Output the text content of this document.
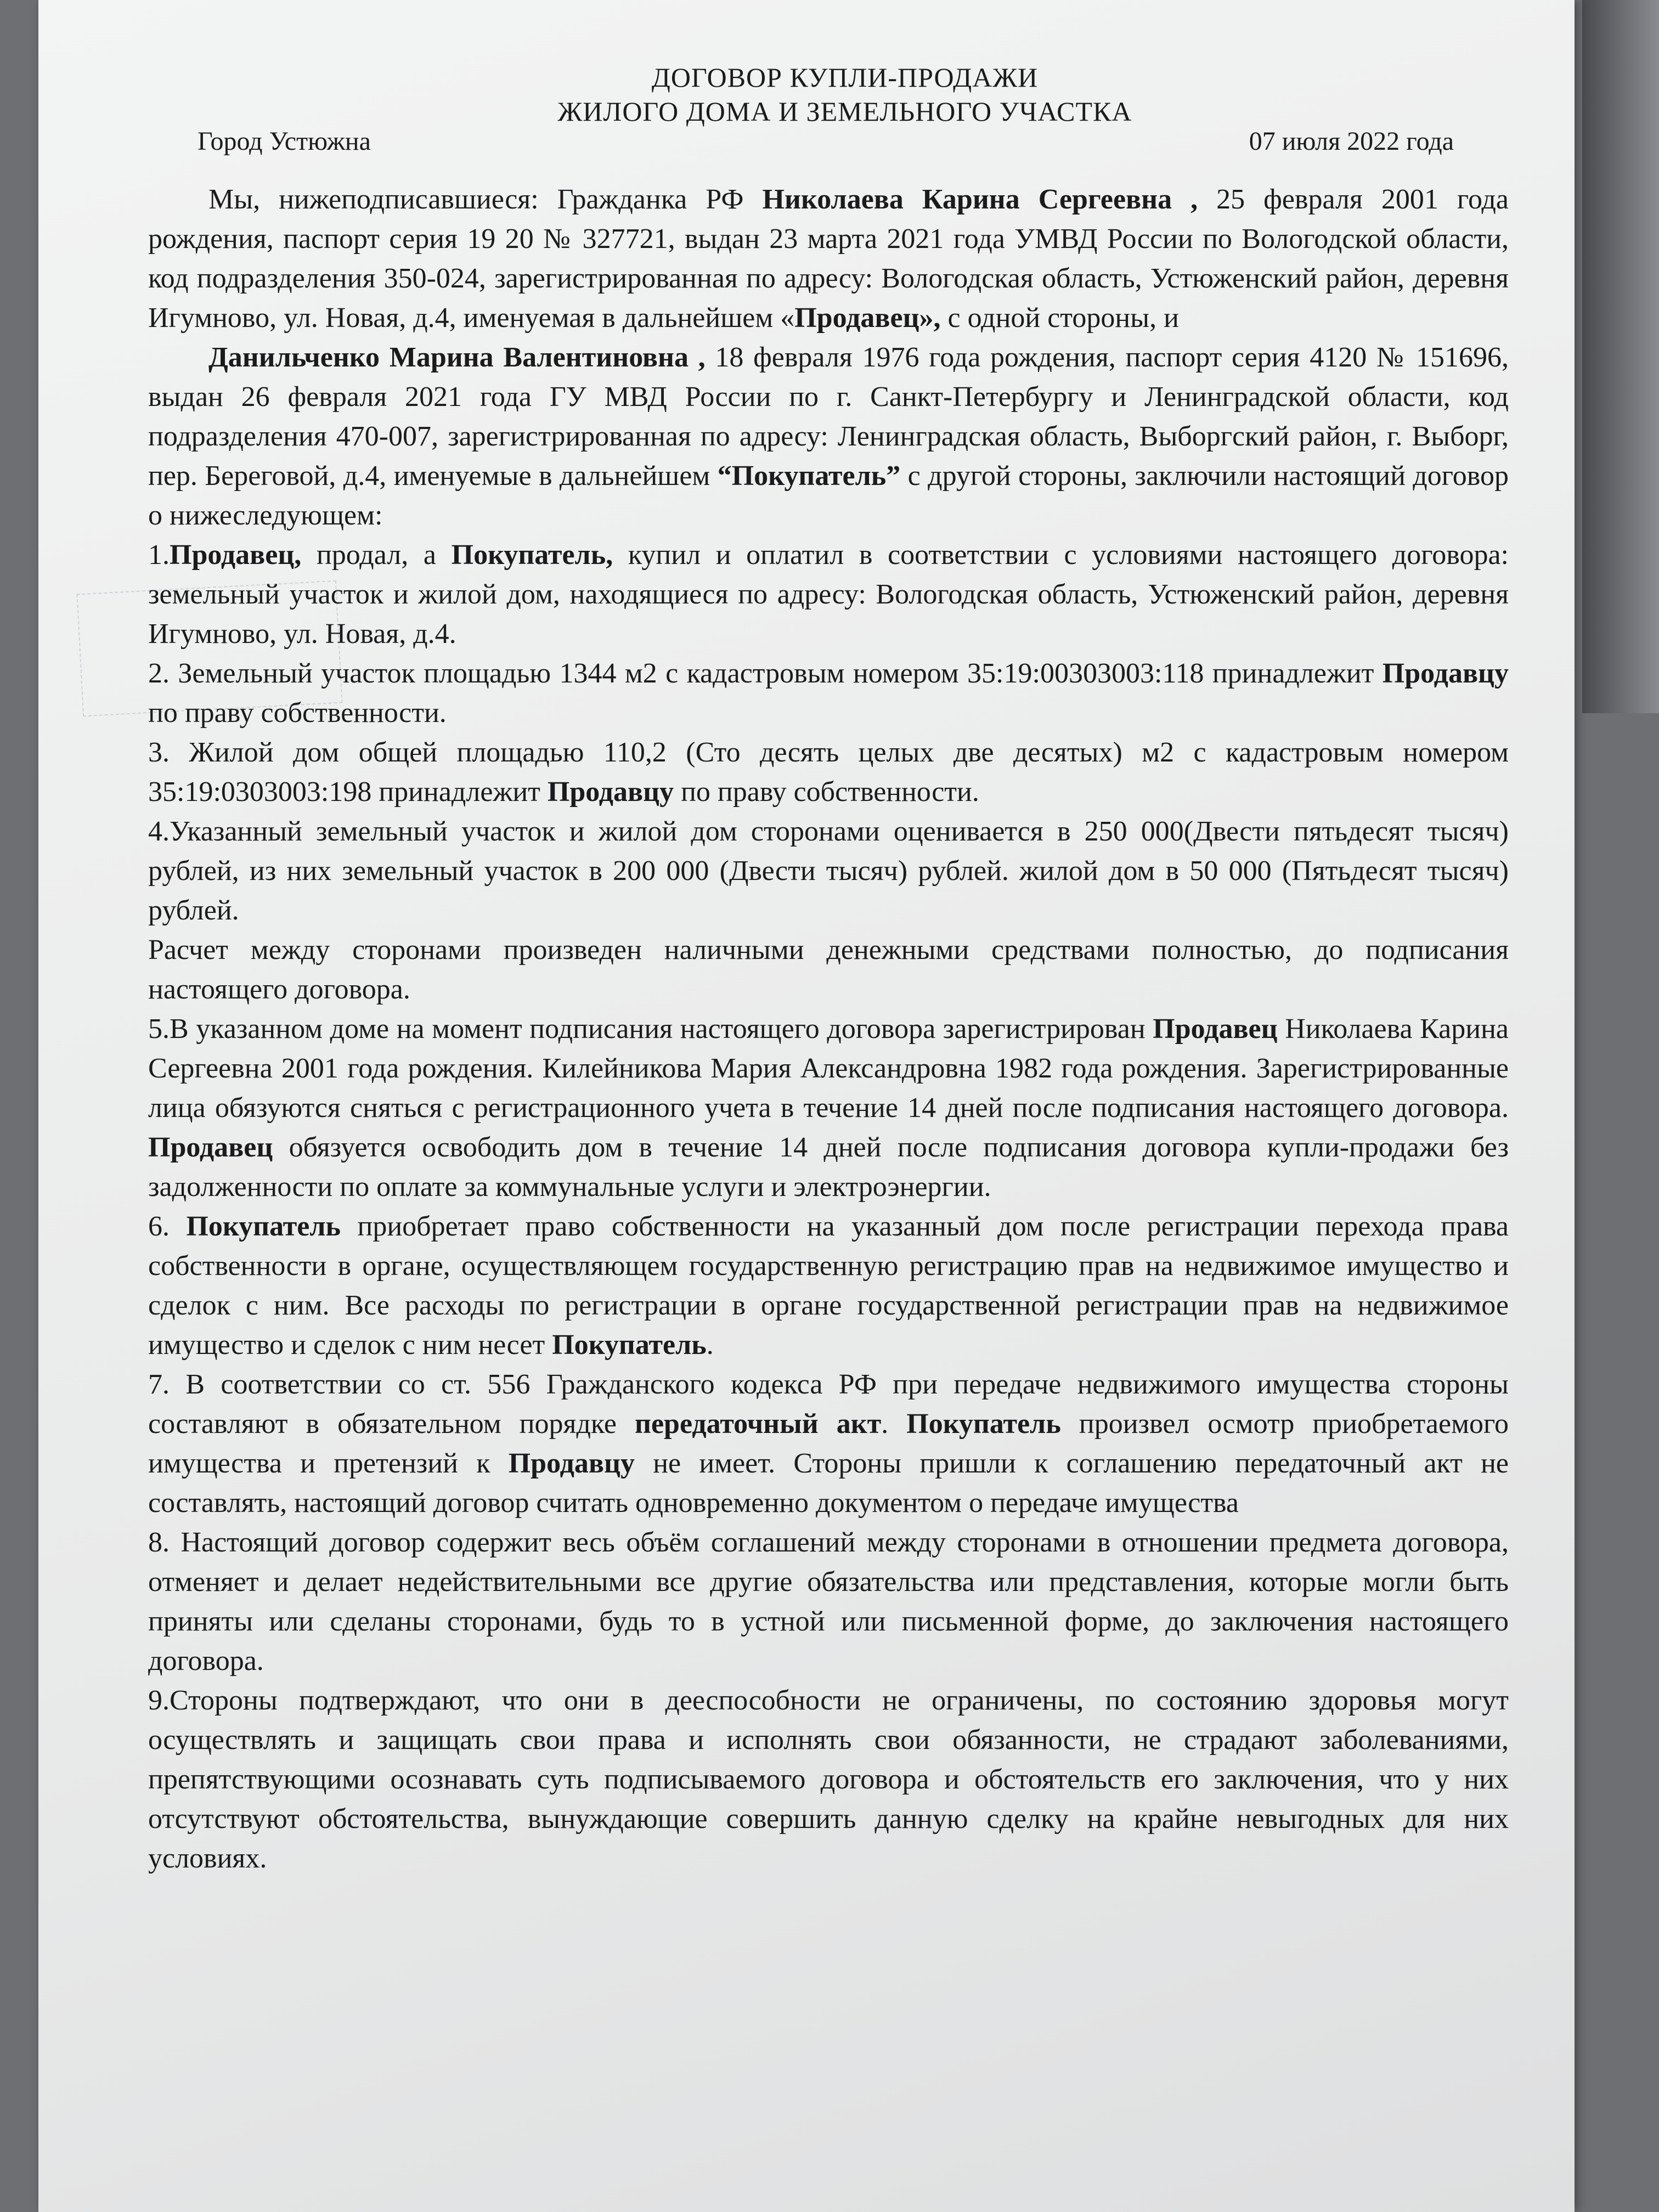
ДОГОВОР КУПЛИ-ПРОДАЖИ

ЖИЛОГО ДОМА И ЗЕМЕЛЬНОГО УЧАСТКА

Город Устюжна	07 июля 2022 года

Мы, нижеподписавшиеся: Гражданка РФ Николаева Карина Сергеевна , 25 февраля 2001 года рождения, паспорт серия 19 20 № 327721, выдан 23 марта 2021 года УМВД России по Вологодской области, код подразделения 350-024, зарегистрированная по адресу: Вологодская область, Устюженский район, деревня Игумново, ул. Новая, д.4, именуемая в дальнейшем «Продавец», с одной стороны, и

Данильченко Марина Валентиновна , 18 февраля 1976 года рождения, паспорт серия 4120 № 151696, выдан 26 февраля 2021 года ГУ МВД России по г. Санкт-Петербургу и Ленинградской области, код подразделения 470-007, зарегистрированная по адресу: Ленинградская область, Выборгский район, г. Выборг, пер. Береговой, д.4, именуемые в дальнейшем “Покупатель” с другой стороны, заключили настоящий договор о нижеследующем:

1.Продавец, продал, а Покупатель, купил и оплатил в соответствии с условиями настоящего договора: земельный участок и жилой дом, находящиеся по адресу: Вологодская область, Устюженский район, деревня Игумново, ул. Новая, д.4.

2. Земельный участок площадью 1344 м2 с кадастровым номером 35:19:00303003:118 принадлежит Продавцу по праву собственности.

3. Жилой дом общей площадью 110,2 (Сто десять целых две десятых) м2 с кадастровым номером 35:19:0303003:198 принадлежит Продавцу по праву собственности.

4.Указанный земельный участок и жилой дом сторонами оценивается в 250 000(Двести пятьдесят тысяч) рублей, из них земельный участок в 200 000 (Двести тысяч) рублей. жилой дом в 50 000 (Пятьдесят тысяч) рублей.

Расчет между сторонами произведен наличными денежными средствами полностью, до подписания настоящего договора.

5.В указанном доме на момент подписания настоящего договора зарегистрирован Продавец Николаева Карина Сергеевна 2001 года рождения. Килейникова Мария Александровна 1982 года рождения. Зарегистрированные лица обязуются сняться с регистрационного учета в течение 14 дней после подписания настоящего договора. Продавец обязуется освободить дом в течение 14 дней после подписания договора купли-продажи без задолженности по оплате за коммунальные услуги и электроэнергии.

6. Покупатель приобретает право собственности на указанный дом после регистрации перехода права собственности в органе, осуществляющем государственную регистрацию прав на недвижимое имущество и сделок с ним. Все расходы по регистрации в органе государственной регистрации прав на недвижимое имущество и сделок с ним несет Покупатель.

7. В соответствии со ст. 556 Гражданского кодекса РФ при передаче недвижимого имущества стороны составляют в обязательном порядке передаточный акт. Покупатель произвел осмотр приобретаемого имущества и претензий к Продавцу не имеет. Стороны пришли к соглашению передаточный акт не составлять, настоящий договор считать одновременно документом о передаче имущества

8. Настоящий договор содержит весь объём соглашений между сторонами в отношении предмета договора, отменяет и делает недействительными все другие обязательства или представления, которые могли быть приняты или сделаны сторонами, будь то в устной или письменной форме, до заключения настоящего договора.

9.Стороны подтверждают, что они в дееспособности не ограничены, по состоянию здоровья могут осуществлять и защищать свои права и исполнять свои обязанности, не страдают заболеваниями, препятствующими осознавать суть подписываемого договора и обстоятельств его заключения, что у них отсутствуют обстоятельства, вынуждающие совершить данную сделку на крайне невыгодных для них условиях.
